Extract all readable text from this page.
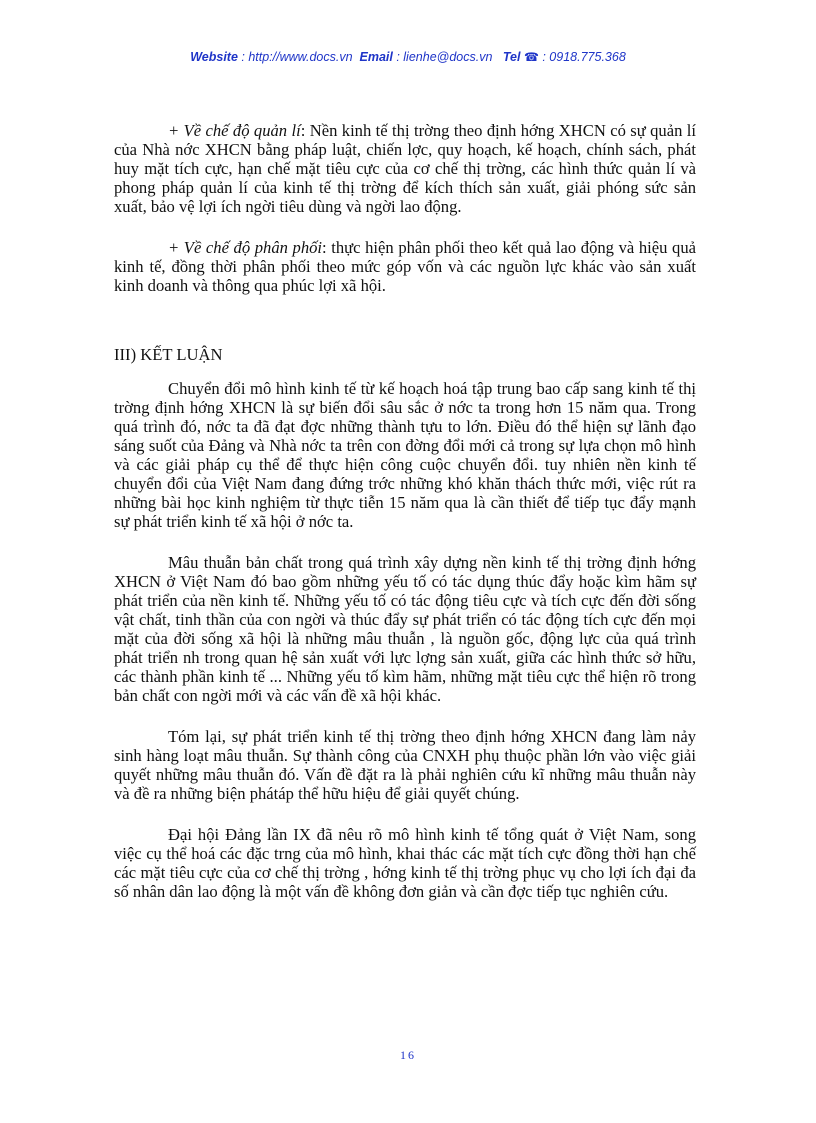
Website : http://www.docs.vn Email : lienhe@docs.vn Tel ☎ : 0918.775.368

+ Về chế độ quản lí: Nền kinh tế thị trờng theo định hớng XHCN có sự quản lí của Nhà nớc XHCN bằng pháp luật, chiến lợc, quy hoạch, kế hoạch, chính sách, phát huy mặt tích cực, hạn chế mặt tiêu cực của cơ chế thị trờng, các hình thức quản lí và phong pháp quản lí của kinh tế thị trờng để kích thích sản xuất, giải phóng sức sản xuất, bảo vệ lợi ích ngời tiêu dùng và ngời lao động.

+ Về chế độ phân phối: thực hiện phân phối theo kết quả lao động và hiệu quả kinh tế, đồng thời phân phối theo mức góp vốn và các nguồn lực khác vào sản xuất kinh doanh và thông qua phúc lợi xã hội.

III) KẾT LUẬN

Chuyển đổi mô hình kinh tế từ kế hoạch hoá tập trung bao cấp sang kinh tế thị trờng định hớng XHCN là sự biến đổi sâu sắc ở nớc ta trong hơn 15 năm qua. Trong quá trình đó, nớc ta đã đạt đợc những thành tựu to lớn. Điều đó thể hiện sự lãnh đạo sáng suốt của Đảng và Nhà nớc ta trên con đờng đổi mới cả trong sự lựa chọn mô hình và các giải pháp cụ thể để thực hiện công cuộc chuyển đổi. tuy nhiên nền kinh tế chuyển đổi của Việt Nam đang đứng trớc những khó khăn thách thức mới, việc rút ra những bài học kinh nghiệm từ thực tiễn 15 năm qua là cần thiết để tiếp tục đẩy mạnh sự phát triển kinh tế xã hội ở nớc ta.

Mâu thuẫn bản chất trong quá trình xây dựng nền kinh tế thị trờng định hớng XHCN ở Việt Nam đó bao gồm những yếu tố có tác dụng thúc đẩy hoặc kìm hãm sự phát triển của nền kinh tế. Những yếu tố có tác động tiêu cực và tích cực đến đời sống vật chất, tinh thần của con ngời và thúc đẩy sự phát triển có tác động tích cực đến mọi mặt của đời sống xã hội là những mâu thuẫn , là nguồn gốc, động lực của quá trình phát triển nh trong quan hệ sản xuất với lực lợng sản xuất, giữa các hình thức sở hữu, các thành phần kinh tế ... Những yếu tố kìm hãm, những mặt tiêu cực thể hiện rõ trong bản chất con ngời mới và các vấn đề xã hội khác.

Tóm lại, sự phát triển kinh tế thị trờng theo định hớng XHCN đang làm nảy sinh hàng loạt mâu thuẫn. Sự thành công của CNXH phụ thuộc phần lớn vào việc giải quyết những mâu thuẫn đó. Vấn đề đặt ra là phải nghiên cứu kĩ những mâu thuẫn này và đề ra những biện phátáp thể hữu hiệu để giải quyết chúng.

Đại hội Đảng lần IX đã nêu rõ mô hình kinh tế tổng quát ở Việt Nam, song việc cụ thể hoá các đặc trng của mô hình, khai thác các mặt tích cực đồng thời hạn chế các mặt tiêu cực của cơ chế thị trờng , hớng kinh tế thị trờng phục vụ cho lợi ích đại đa số nhân dân lao động là một vấn đề không đơn giản và cần đợc tiếp tục nghiên cứu.

16
